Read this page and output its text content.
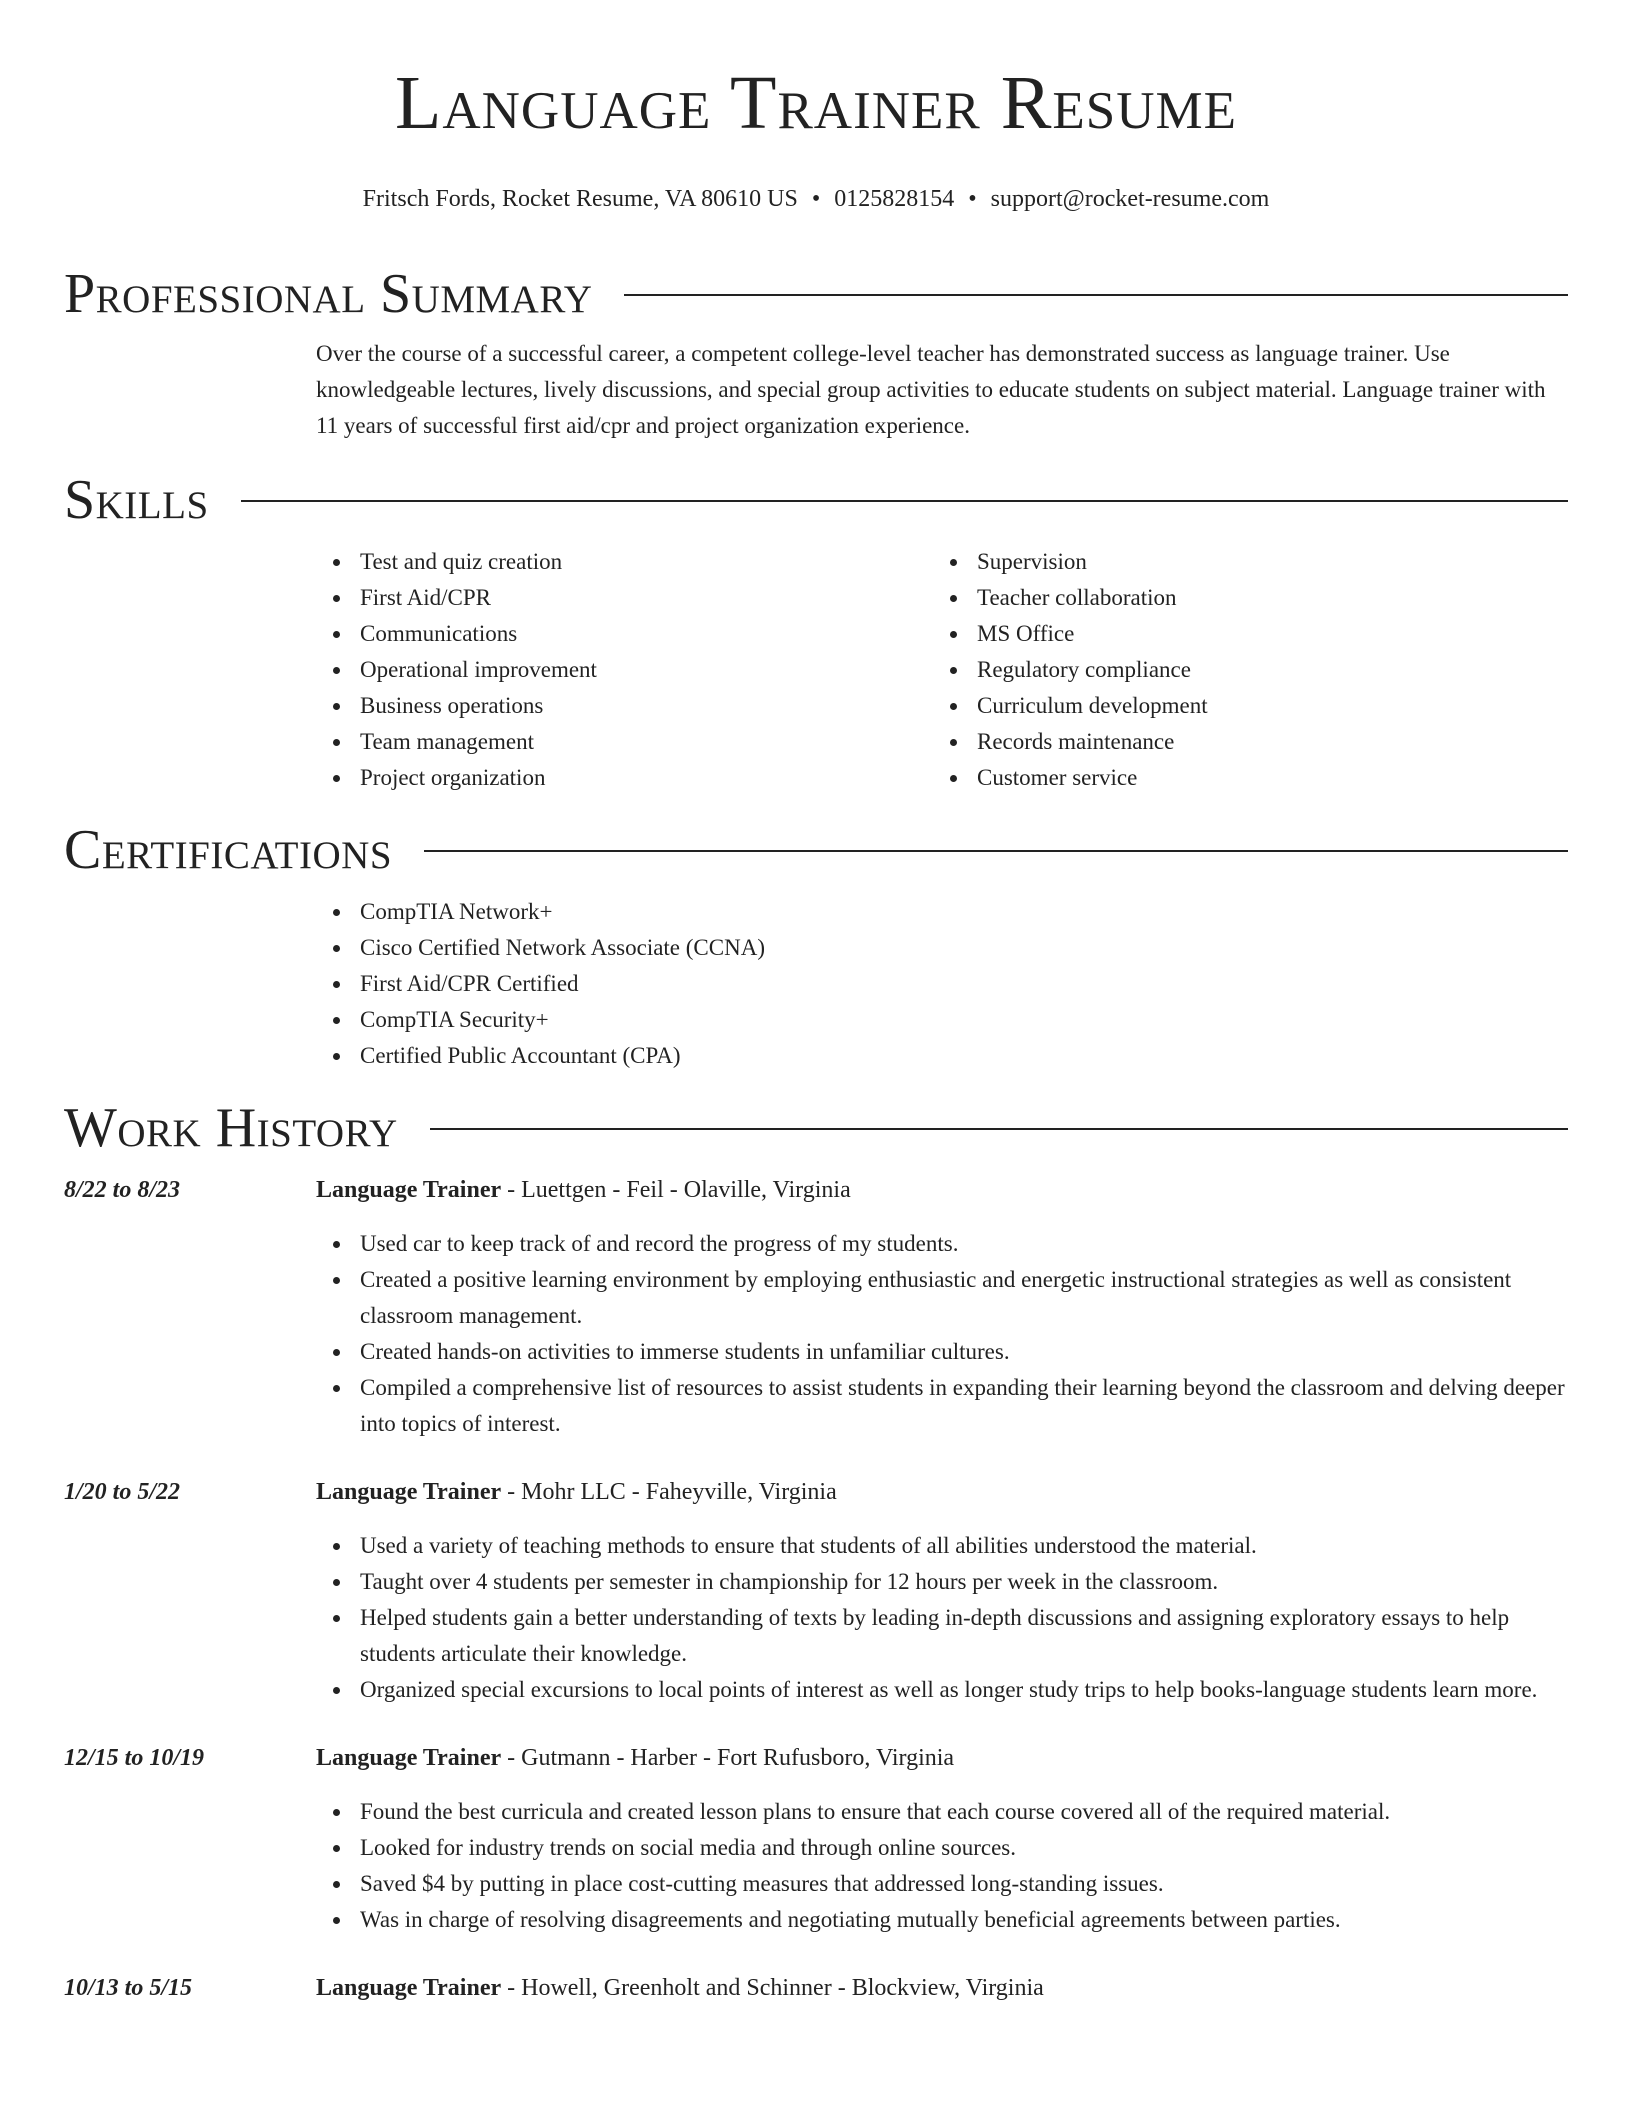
Language Trainer Resume
Fritsch Fords, Rocket Resume, VA 80610 US • 0125828154 • support@rocket-resume.com
Professional Summary

Over the course of a successful career, a competent college-level teacher has demonstrated success as language trainer. Use knowledgeable lectures, lively discussions, and special group activities to educate students on subject material. Language trainer with 11 years of successful first aid/cpr and project organization experience.

Skills
Test and quiz creation
First Aid/CPR
Communications
Operational improvement
Business operations
Team management
Project organization
Supervision
Teacher collaboration
MS Office
Regulatory compliance
Curriculum development
Records maintenance
Customer service
Certifications
CompTIA Network+
Cisco Certified Network Associate (CCNA)
First Aid/CPR Certified
CompTIA Security+
Certified Public Accountant (CPA)
Work History
8/22 to 8/23	Language Trainer - Luettgen - Feil - Olaville, Virginia
Used car to keep track of and record the progress of my students.
Created a positive learning environment by employing enthusiastic and energetic instructional strategies as well as consistent classroom management.
Created hands-on activities to immerse students in unfamiliar cultures.
Compiled a comprehensive list of resources to assist students in expanding their learning beyond the classroom and delving deeper into topics of interest.
1/20 to 5/22	Language Trainer - Mohr LLC - Faheyville, Virginia
Used a variety of teaching methods to ensure that students of all abilities understood the material.
Taught over 4 students per semester in championship for 12 hours per week in the classroom.
Helped students gain a better understanding of texts by leading in-depth discussions and assigning exploratory essays to help students articulate their knowledge.
Organized special excursions to local points of interest as well as longer study trips to help books-language students learn more.
12/15 to 10/19	Language Trainer - Gutmann - Harber - Fort Rufusboro, Virginia
Found the best curricula and created lesson plans to ensure that each course covered all of the required material.
Looked for industry trends on social media and through online sources.
Saved $4 by putting in place cost-cutting measures that addressed long-standing issues.
Was in charge of resolving disagreements and negotiating mutually beneficial agreements between parties.
10/13 to 5/15	Language Trainer - Howell, Greenholt and Schinner - Blockview, Virginia
